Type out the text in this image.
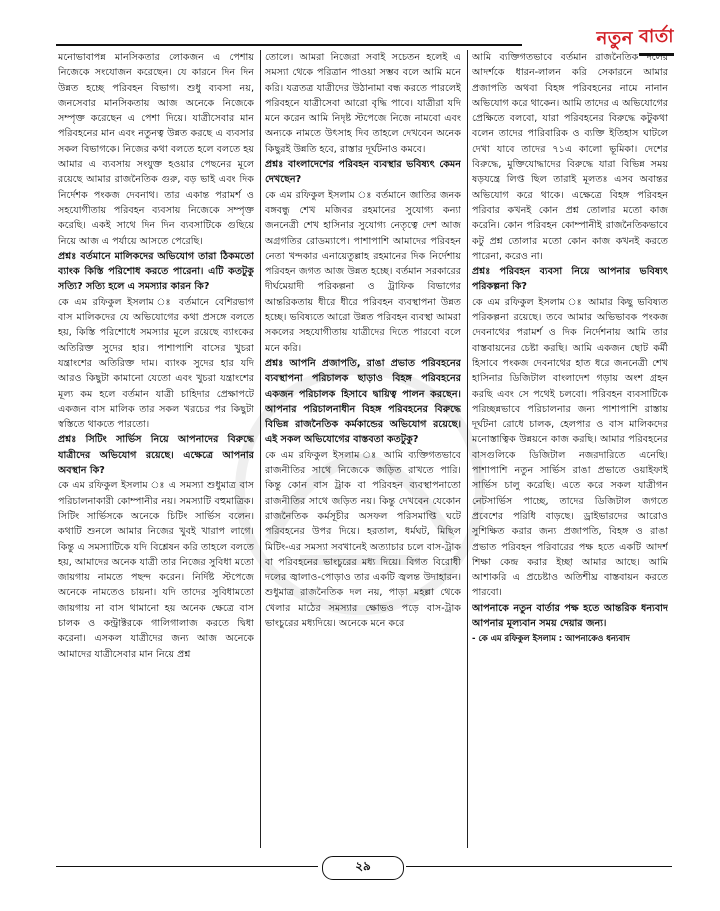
নতুন বার্তা

মনোভাবাপন্ন মানসিকতার লোকজন এ পেশায় নিজেকে সংযোজন করেছেন। যে কারনে দিন দিন উন্নত হচ্ছে পরিবহন বিভাগ। শুধু ব্যবসা নয়, জনসেবার মানসিকতায় আজ অনেকে নিজেকে সম্পৃক্ত করেছেন এ পেশা দিয়ে। যাত্রীসেবার মান পরিবহনের মান এবং নতুনত্ব উন্নত করছে এ ব্যবসার সকল বিভাগকে। নিজের কথা বলতে হলে বলতে হয় আমার এ ব্যবসায় সংযুক্ত হওয়ার পেছনের মূলে রয়েছে আমার রাজনৈতিক গুরু, বড় ভাই এবং দিক নির্দেশক পংকজ দেবনাথ। তার একান্ত পরামর্শ ও সহযোগীতায় পরিবহন ব্যবসায় নিজেকে সম্পৃক্ত করেছি। একই সাথে দিন দিন ব্যবসাটিকে গুছিয়ে নিয়ে আজ এ পর্যায়ে আসতে পেরেছি।

প্রশ্নঃ বর্তমানে মালিকদের অভিযোগ তারা ঠিকমতো ব্যাংক কিস্তি পরিশোধ করতে পারেনা। এটি কতটুকু সত্যি? সত্যি হলে এ সমস্যার কারন কি?

কে এম রফিকুল ইসলাম ঃ বর্তমানে বেশিরভাগ বাস মালিকদের যে অভিযোগের কথা প্রসঙ্গে বলতে হয়, কিস্তি পরিশোধে সমস্যার মূলে রয়েছে ব্যাংকের অতিরিক্ত সুদের হার। পাশাপাশি বাসের খুচরা যন্ত্রাংশের অতিরিক্ত দাম। ব্যাংক সুদের হার যদি আরও কিছুটা কামানো যেতো এবং খুচরা যন্ত্রাংশের মূল্য কম হলে বর্তমান যাত্রী চাহিদার প্রেক্ষাপটে একজন বাস মালিক তার সকল খরচের পর কিছুটা স্বস্তিতে থাকতে পারতো।

প্রশ্নঃ সিটিং সার্ভিস নিয়ে আপনাদের বিরুদ্ধে যাত্রীদের অভিযোগ রয়েছে। এক্ষেত্রে আপনার অবস্থান কি?

কে এম রফিকুল ইসলাম ঃ এ সমস্যা শুধুমাত্র বাস পরিচালনাকারী কোম্পানীর নয়। সমস্যাটি বহুমাত্রিক। সিটিং সার্ভিসকে অনেকে চিটিং সার্ভিস বলেন। কথাটি শুনলে আমার নিজের খুবই খারাপ লাগে। কিন্তু এ সমস্যাটিকে যদি বিশ্লেষন করি তাহলে বলতে হয়, আমাদের অনেক যাত্রী তার নিজের সুবিধা মতো জায়গায় নামতে পছন্দ করেন। নির্দিষ্ট স্টপেজে অনেকে নামতেও চায়না। যদি তাদের সুবিধামতো জায়গায় না বাস থামানো হয় অনেক ক্ষেত্রে বাস চালক ও কন্ট্রাক্টরকে গালিগালাজ করতে দ্বিধা করেনা। এসকল যাত্রীদের জন্য আজ অনেকে আমাদের যাত্রীসেবার মান নিয়ে প্রশ্ন

তোলে। আমরা নিজেরা সবাই সচেতন হলেই এ সমস্যা থেকে পরিত্রান পাওয়া সম্ভব বলে আমি মনে করি। যত্রতত্র যাত্রীদের উঠানামা বন্ধ করতে পারলেই পরিবহনে যাত্রীসেবা আরো বৃদ্ধি পাবে। যাত্রীরা যদি মনে করেন আমি নিদৃষ্ট স্টপেজে নিজে নামবো এবং অন্যকে নামতে উৎসাহ দিব তাহলে দেখবেন অনেক কিছুরই উন্নতি হবে, রাস্তার দূর্ঘটনাও কমবে।

প্রশ্নঃ বাংলাদেশের পরিবহন ব্যবস্থার ভবিষ্যৎ কেমন দেখছেন?

কে এম রফিকুল ইসলাম ঃ বর্তমানে জাতির জনক বঙ্গবন্ধু শেখ মজিবর রহমানের সুযোগ্য কন্যা জননেত্রী শেখ হাসিনার সুযোগ্য নেতৃত্বে দেশ আজ অগ্রগতির রোডম্যাপে। পাশাপাশি আমাদের পরিবহন নেতা খন্দকার এনায়েতুল্লাহ রহমানের দিক নির্দেশায় পরিবহন জগত আজ উন্নত হচ্ছে। বর্তমান সরকারের দীর্ঘমেয়াদী পরিকল্পনা ও ট্রাফিক বিভাগের আন্তরিকতায় ধীরে ধীরে পরিবহন ব্যবস্থাপনা উন্নত হচ্ছে। ভবিষ্যতে আরো উন্নত পরিবহন ব্যবস্থা আমরা সকলের সহযোগীতায় যাত্রীদের দিতে পারবো বলে মনে করি।

প্রশ্নঃ আপনি প্রজাপতি, রাঙা প্রভাত পরিবহনের ব্যবস্থাপনা পরিচালক ছাড়াও বিহঙ্গ পরিবহনের একজন পরিচালক হিসাবে দ্বায়িত্ব পালন করছেন। আপনার পরিচালনাধীন বিহঙ্গ পরিবহনের বিরুদ্ধে বিভিন্ন রাজনৈতিক কর্মকান্ডের অভিযোগ রয়েছে। এই সকল অভিযোগের বাস্তবতা কতটুকু?

কে এম রফিকুল ইসলাম ঃ আমি ব্যক্তিগতভাবে রাজনীতির সাথে নিজেকে জড়িত রাখতে পারি। কিন্তু কোন বাস ট্রাক বা পরিবহন ব্যবস্থাপনাতো রাজনীতির সাথে জড়িত নয়। কিন্তু দেখবেন যেকোন রাজনৈতিক কর্মসূচীর অসফল পরিসমাপ্তি ঘটে পরিবহনের উপর দিয়ে। হরতাল, ধর্মঘট, মিছিল মিটিং-এর সমস্যা সবখানেই অত্যাচার চলে বাস-ট্রাক বা পরিবহনের ভাংচুরের মধ্য দিয়ে। বিগত বিরোধী দলের জ্বালাও-পোড়াও তার একটি জ্বলন্ত উদাহারন। শুধুমাত্র রাজনৈতিক দল নয়, পাড়া মহল্লা থেকে খেলার মাঠের সমস্যার ক্ষোভও পড়ে বাস-ট্রাক ভাংচুরের মধ্যদিয়ে। অনেকে মনে করে

আমি ব্যক্তিগতভাবে বর্তমান রাজনৈতিক দলের আদর্শকে ধারন-লালন করি সেকারনে আমার প্রজাপতি অথবা বিহঙ্গ পরিবহনের নামে নানান অভিযোগ করে থাকেন। আমি তাদের এ অভিযোগের প্রেক্ষিতে বলবো, যারা পরিবহনের বিরুদ্ধে কটুকথা বলেন তাদের পারিবারিক ও ব্যক্তি ইতিহাস ঘাটলে দেখা যাবে তাদের ৭১এ কালো ভূমিকা। দেশের বিরুদ্ধে, মুক্তিযোদ্ধাদের বিরুদ্ধে যারা বিভিন্ন সময় ষড়যন্ত্রে লিপ্ত ছিল তারাই মূলতঃ এসব অবান্তর অভিযোগ করে থাকে। এক্ষেত্রে বিহঙ্গ পরিবহন পরিবার কখনই কোন প্রশ্ন তোলার মতো কাজ করেনি। কোন পরিবহন কোম্পানীই রাজনৈতিকভাবে কটু প্রশ্ন তোলার মতো কোন কাজ কখনই করতে পারেনা, করেও না।

প্রশ্নঃ পরিবহন ব্যবসা নিয়ে আপনার ভবিষ্যৎ পরিকল্পনা কি?

কে এম রফিকুল ইসলাম ঃ আমার কিছু ভবিষ্যত পরিকল্পনা রয়েছে। তবে আমার অভিভাবক পংকজ দেবনাথের পরামর্শ ও দিক নির্দেশনায় আমি তার বাস্তবায়নের চেষ্টা করছি। আমি একজন ছোট কর্মী হিসাবে পংকজ দেবনাথের হাত ধরে জননেত্রী শেখ হাসিনার ডিজিটাল বাংলাদেশ গড়ায় অংশ গ্রহন করছি এবং সে পথেই চলবো। পরিবহন ব্যবসাটিকে পরিচ্ছন্নভাবে পরিচালনার জন্য পাশাপাশি রাস্তায় দূর্ঘটনা রোধে চালক, হেলপার ও বাস মালিকদের মনোস্তাত্বিক উন্নয়নে কাজ করছি। আমার পরিবহনের বাসগুলিকে ডিজিটাল নজরদারিতে এনেছি। পাশাপাশি নতুন সার্ভিস রাঙা প্রভাতে ওয়াইফাই সার্ভিস চালু করেছি। এতে করে সকল যাত্রীগন নেটসার্ভিস পাচ্ছে, তাদের ডিজিটাল জগতে প্রবেশের পরিধি বাড়ছে। ড্রাইভারদের আরোও সুশিক্ষিত করার জন্য প্রজাপতি, বিহঙ্গ ও রাঙা প্রভাত পরিবহন পরিবারের পক্ষ হতে একটি আদর্শ শিক্ষা কেন্দ্র করার ইচ্ছা আমার আছে। আমি আশাকরি এ প্রচেষ্টাও অতিশীঘ্র বাস্তবায়ন করতে পারবো।

আপনাকে নতুন বার্তার পক্ষ হতে আন্তরিক ধন্যবাদ আপনার মূল্যবান সময় দেয়ার জন্য।

- কে এম রফিকুল ইসলাম : আপনাকেও ধন্যবাদ

২৯
